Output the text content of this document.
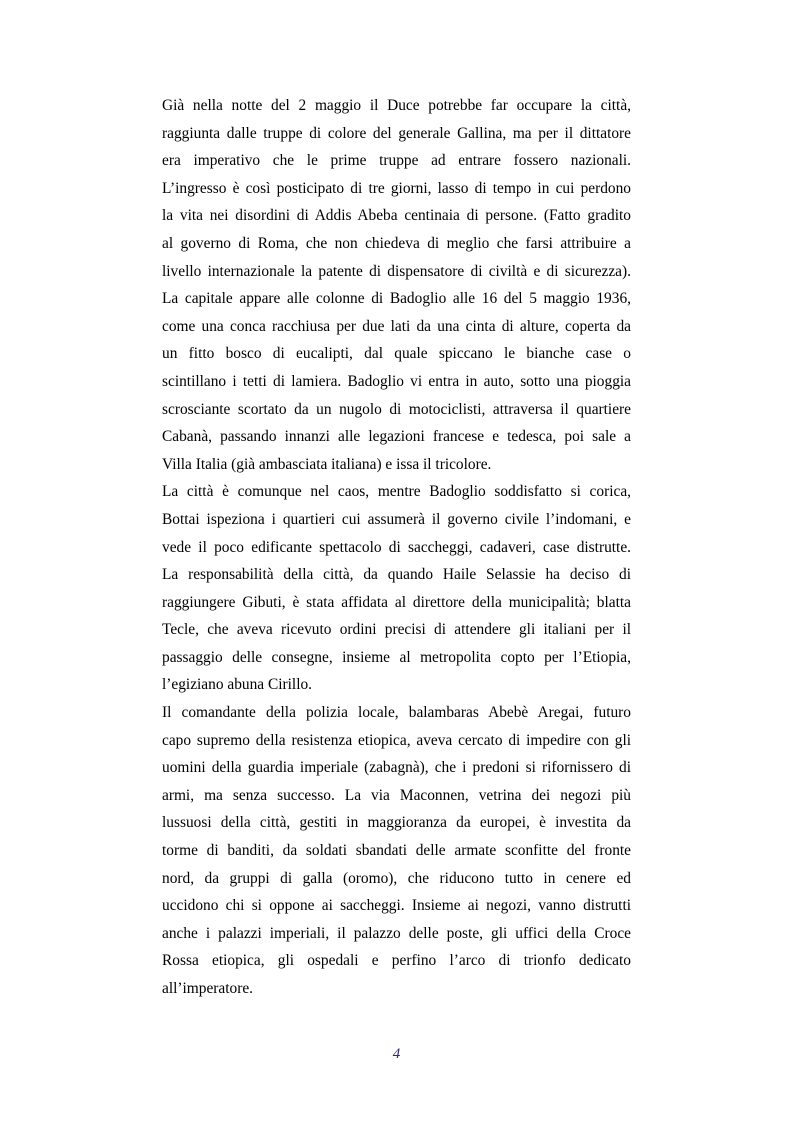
Già nella notte del 2 maggio il Duce potrebbe far occupare la città,
raggiunta dalle truppe di colore del generale Gallina, ma per il dittatore
era imperativo che le prime truppe ad entrare fossero nazionali.
L’ingresso è così posticipato di tre giorni, lasso di tempo in cui perdono
la vita nei disordini di Addis Abeba centinaia di persone. (Fatto gradito
al governo di Roma, che non chiedeva di meglio che farsi attribuire a
livello internazionale la patente di dispensatore di civiltà e di sicurezza).

La capitale appare alle colonne di Badoglio alle 16 del 5 maggio 1936,
come una conca racchiusa per due lati da una cinta di alture, coperta da
un fitto bosco di eucalipti, dal quale spiccano le bianche case o
scintillano i tetti di lamiera. Badoglio vi entra in auto, sotto una pioggia
scrosciante scortato da un nugolo di motociclisti, attraversa il quartiere
Cabanà, passando innanzi alle legazioni francese e tedesca, poi sale a
Villa Italia (già ambasciata italiana) e issa il tricolore.

La città è comunque nel caos, mentre Badoglio soddisfatto si corica,
Bottai ispeziona i quartieri cui assumerà il governo civile l’indomani, e
vede il poco edificante spettacolo di saccheggi, cadaveri, case distrutte.

La responsabilità della città, da quando Haile Selassie ha deciso di
raggiungere Gibuti, è stata affidata al direttore della municipalità; blatta
Tecle, che aveva ricevuto ordini precisi di attendere gli italiani per il
passaggio delle consegne, insieme al metropolita copto per l’Etiopia,
l’egiziano abuna Cirillo.

Il comandante della polizia locale, balambaras Abebè Aregai, futuro
capo supremo della resistenza etiopica, aveva cercato di impedire con gli
uomini della guardia imperiale (zabagnà), che i predoni si rifornissero di
armi, ma senza successo. La via Maconnen, vetrina dei negozi più
lussuosi della città, gestiti in maggioranza da europei, è investita da
torme di banditi, da soldati sbandati delle armate sconfitte del fronte
nord, da gruppi di galla (oromo), che riducono tutto in cenere ed
uccidono chi si oppone ai saccheggi. Insieme ai negozi, vanno distrutti
anche i palazzi imperiali, il palazzo delle poste, gli uffici della Croce
Rossa etiopica, gli ospedali e perfino l’arco di trionfo dedicato
all’imperatore.

4
